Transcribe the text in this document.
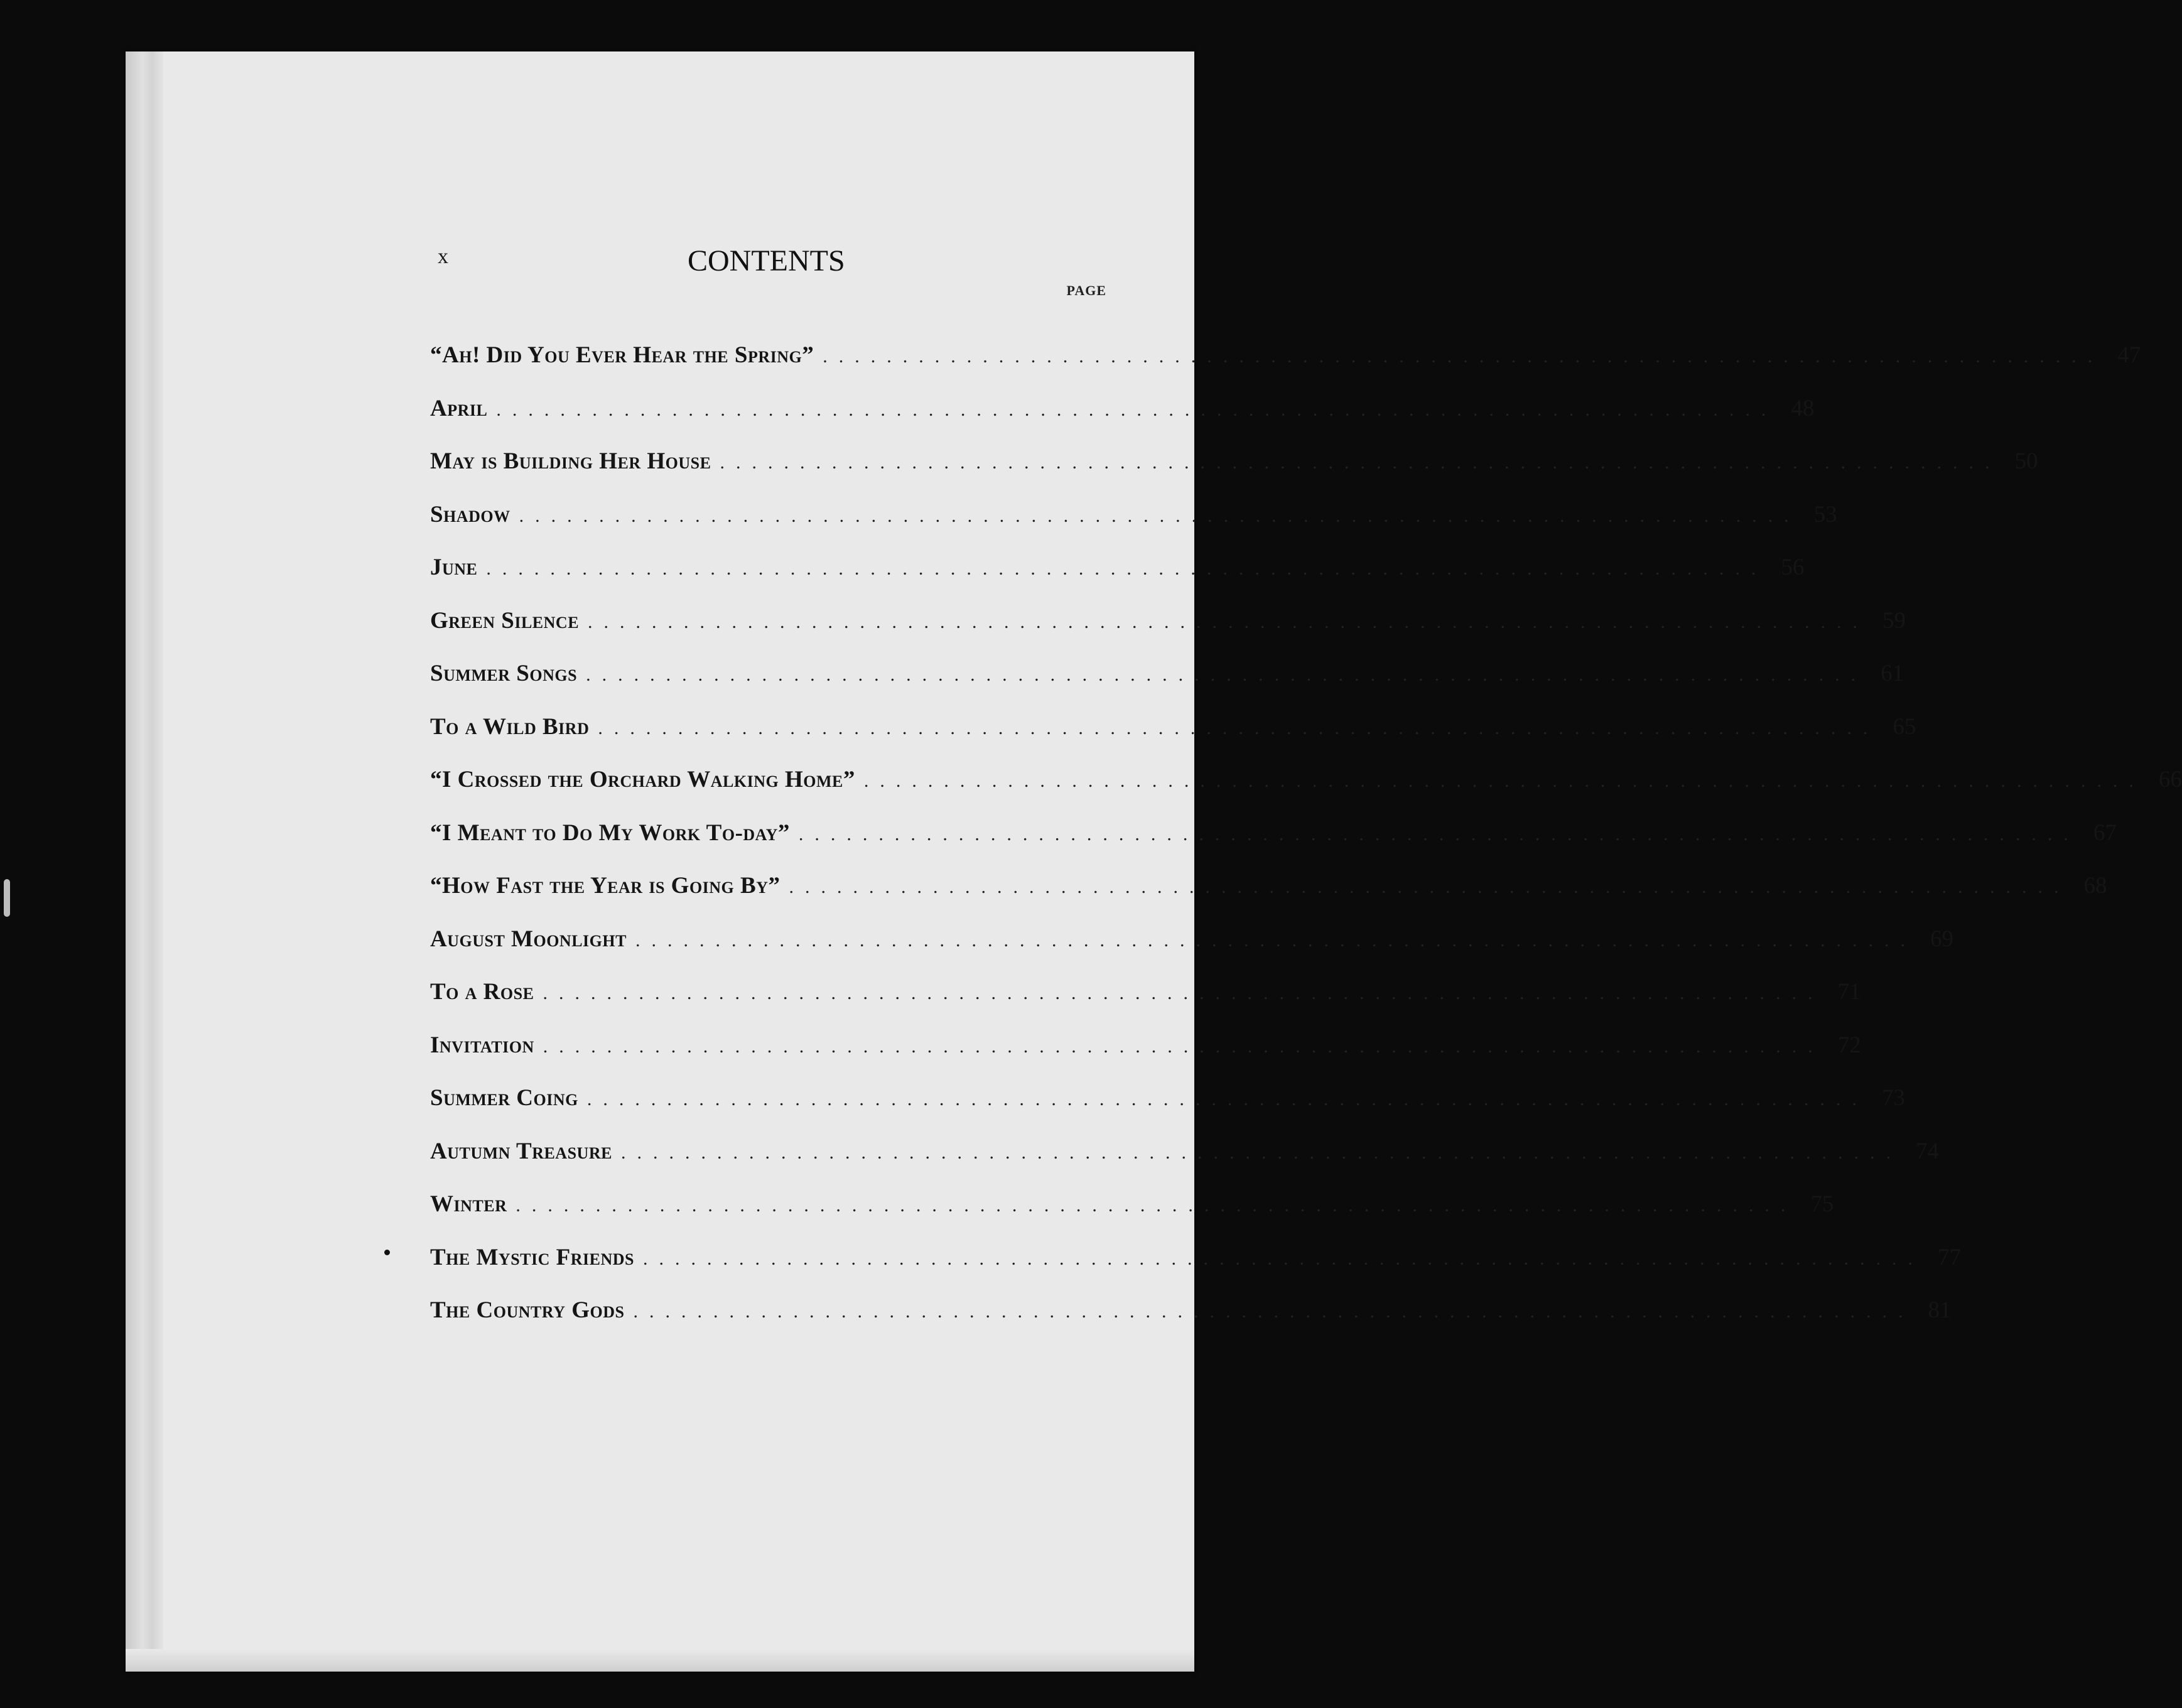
x	CONTENTS
PAGE
“Ah! Did You Ever Hear the Spring” ................................................................................ 47
April ................................................................................ 48
May is Building Her House ................................................................................ 50
Shadow ................................................................................ 53
June ................................................................................ 56
Green Silence ................................................................................ 59
Summer Songs ................................................................................ 61
To a Wild Bird ................................................................................ 65
“I Crossed the Orchard Walking Home” ................................................................................ 66
“I Meant to Do My Work To-day” ................................................................................ 67
“How Fast the Year is Going By” ................................................................................ 68
August Moonlight ................................................................................ 69
To a Rose ................................................................................ 71
Invitation ................................................................................ 72
Summer Coing ................................................................................ 73
Autumn Treasure ................................................................................ 74
Winter ................................................................................ 75
The Mystic Friends ................................................................................ 77
The Country Gods ................................................................................ 81
